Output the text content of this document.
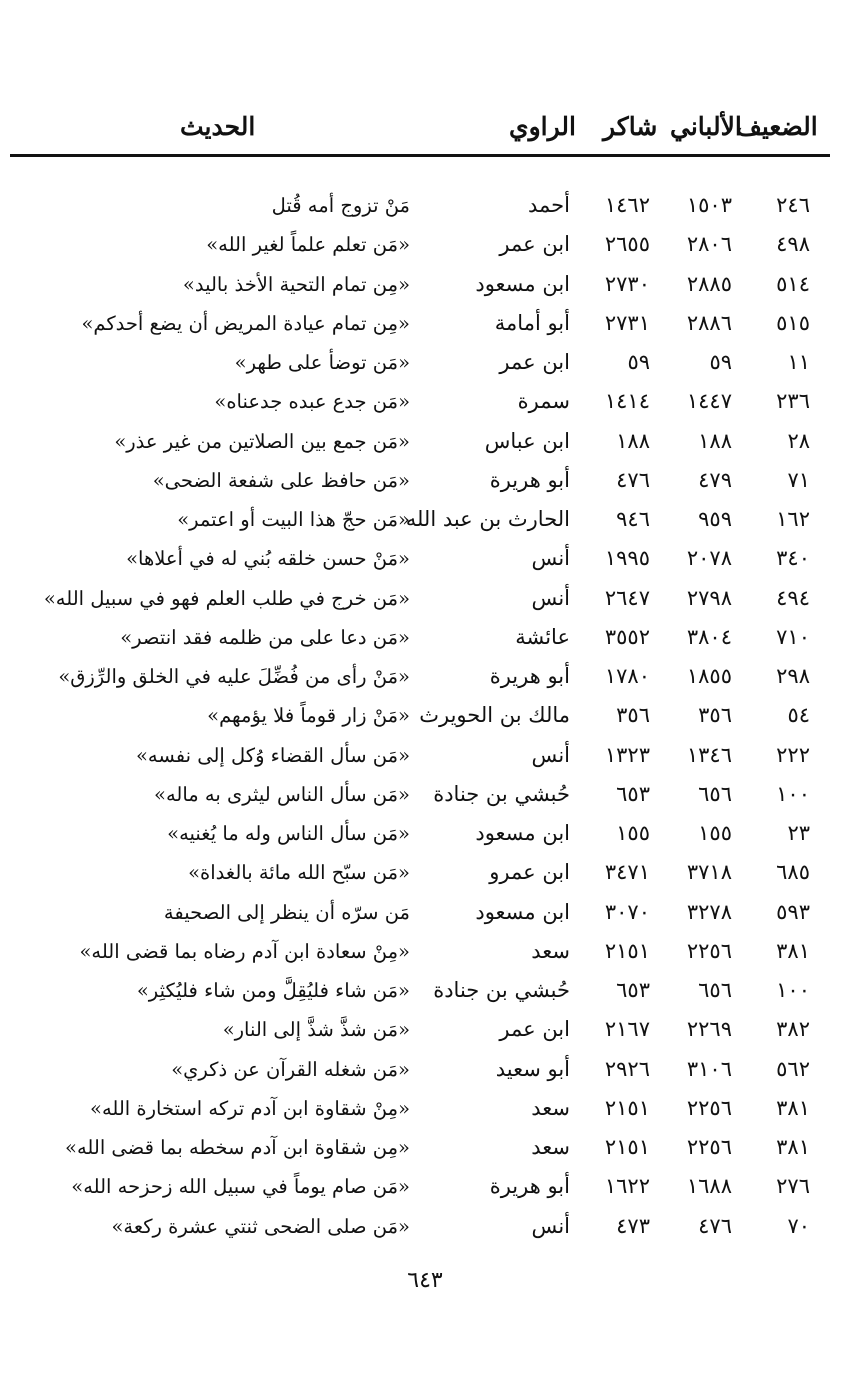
الضعيف
الألباني
شاكر
الراوي
الحديث
٢٤٦
١٥٠٣
١٤٦٢
أحمد
مَنْ تزوج أمه قُتل
٤٩٨
٢٨٠٦
٢٦٥٥
ابن عمر
«مَن تعلم علماً لغير الله»
٥١٤
٢٨٨٥
٢٧٣٠
ابن مسعود
«مِن تمام التحية الأخذ باليد»
٥١٥
٢٨٨٦
٢٧٣١
أبو أمامة
«مِن تمام عيادة المريض أن يضع أحدكم»
١١
٥٩
٥٩
ابن عمر
«مَن توضأ على طهر»
٢٣٦
١٤٤٧
١٤١٤
سمرة
«مَن جدع عبده جدعناه»
٢٨
١٨٨
١٨٨
ابن عباس
«مَن جمع بين الصلاتين من غير عذر»
٧١
٤٧٩
٤٧٦
أبو هريرة
«مَن حافظ على شفعة الضحى»
١٦٢
٩٥٩
٩٤٦
الحارث بن عبد الله
«مَن حجّ هذا البيت أو اعتمر»
٣٤٠
٢٠٧٨
١٩٩٥
أنس
«مَنْ حسن خلقه بُني له في أعلاها»
٤٩٤
٢٧٩٨
٢٦٤٧
أنس
«مَن خرج في طلب العلم فهو في سبيل الله»
٧١٠
٣٨٠٤
٣٥٥٢
عائشة
«مَن دعا على من ظلمه فقد انتصر»
٢٩٨
١٨٥٥
١٧٨٠
أبو هريرة
«مَنْ رأى من فُضِّلَ عليه في الخلق والرِّزق»
٥٤
٣٥٦
٣٥٦
مالك بن الحويرث
«مَنْ زار قوماً فلا يؤمهم»
٢٢٢
١٣٤٦
١٣٢٣
أنس
«مَن سأل القضاء وُكل إلى نفسه»
١٠٠
٦٥٦
٦٥٣
حُبشي بن جنادة
«مَن سأل الناس ليثرى به ماله»
٢٣
١٥٥
١٥٥
ابن مسعود
«مَن سأل الناس وله ما يُغنيه»
٦٨٥
٣٧١٨
٣٤٧١
ابن عمرو
«مَن سبّح الله مائة بالغداة»
٥٩٣
٣٢٧٨
٣٠٧٠
ابن مسعود
مَن سرّه أن ينظر إلى الصحيفة
٣٨١
٢٢٥٦
٢١٥١
سعد
«مِنْ سعادة ابن آدم رضاه بما قضى الله»
١٠٠
٦٥٦
٦٥٣
حُبشي بن جنادة
«مَن شاء فليُقِلَّ ومن شاء فليُكثِر»
٣٨٢
٢٢٦٩
٢١٦٧
ابن عمر
«مَن شذَّ شذَّ إلى النار»
٥٦٢
٣١٠٦
٢٩٢٦
أبو سعيد
«مَن شغله القرآن عن ذكري»
٣٨١
٢٢٥٦
٢١٥١
سعد
«مِنْ شقاوة ابن آدم تركه استخارة الله»
٣٨١
٢٢٥٦
٢١٥١
سعد
«مِن شقاوة ابن آدم سخطه بما قضى الله»
٢٧٦
١٦٨٨
١٦٢٢
أبو هريرة
«مَن صام يوماً في سبيل الله زحزحه الله»
٧٠
٤٧٦
٤٧٣
أنس
«مَن صلى الضحى ثنتي عشرة ركعة»
٦٤٣
